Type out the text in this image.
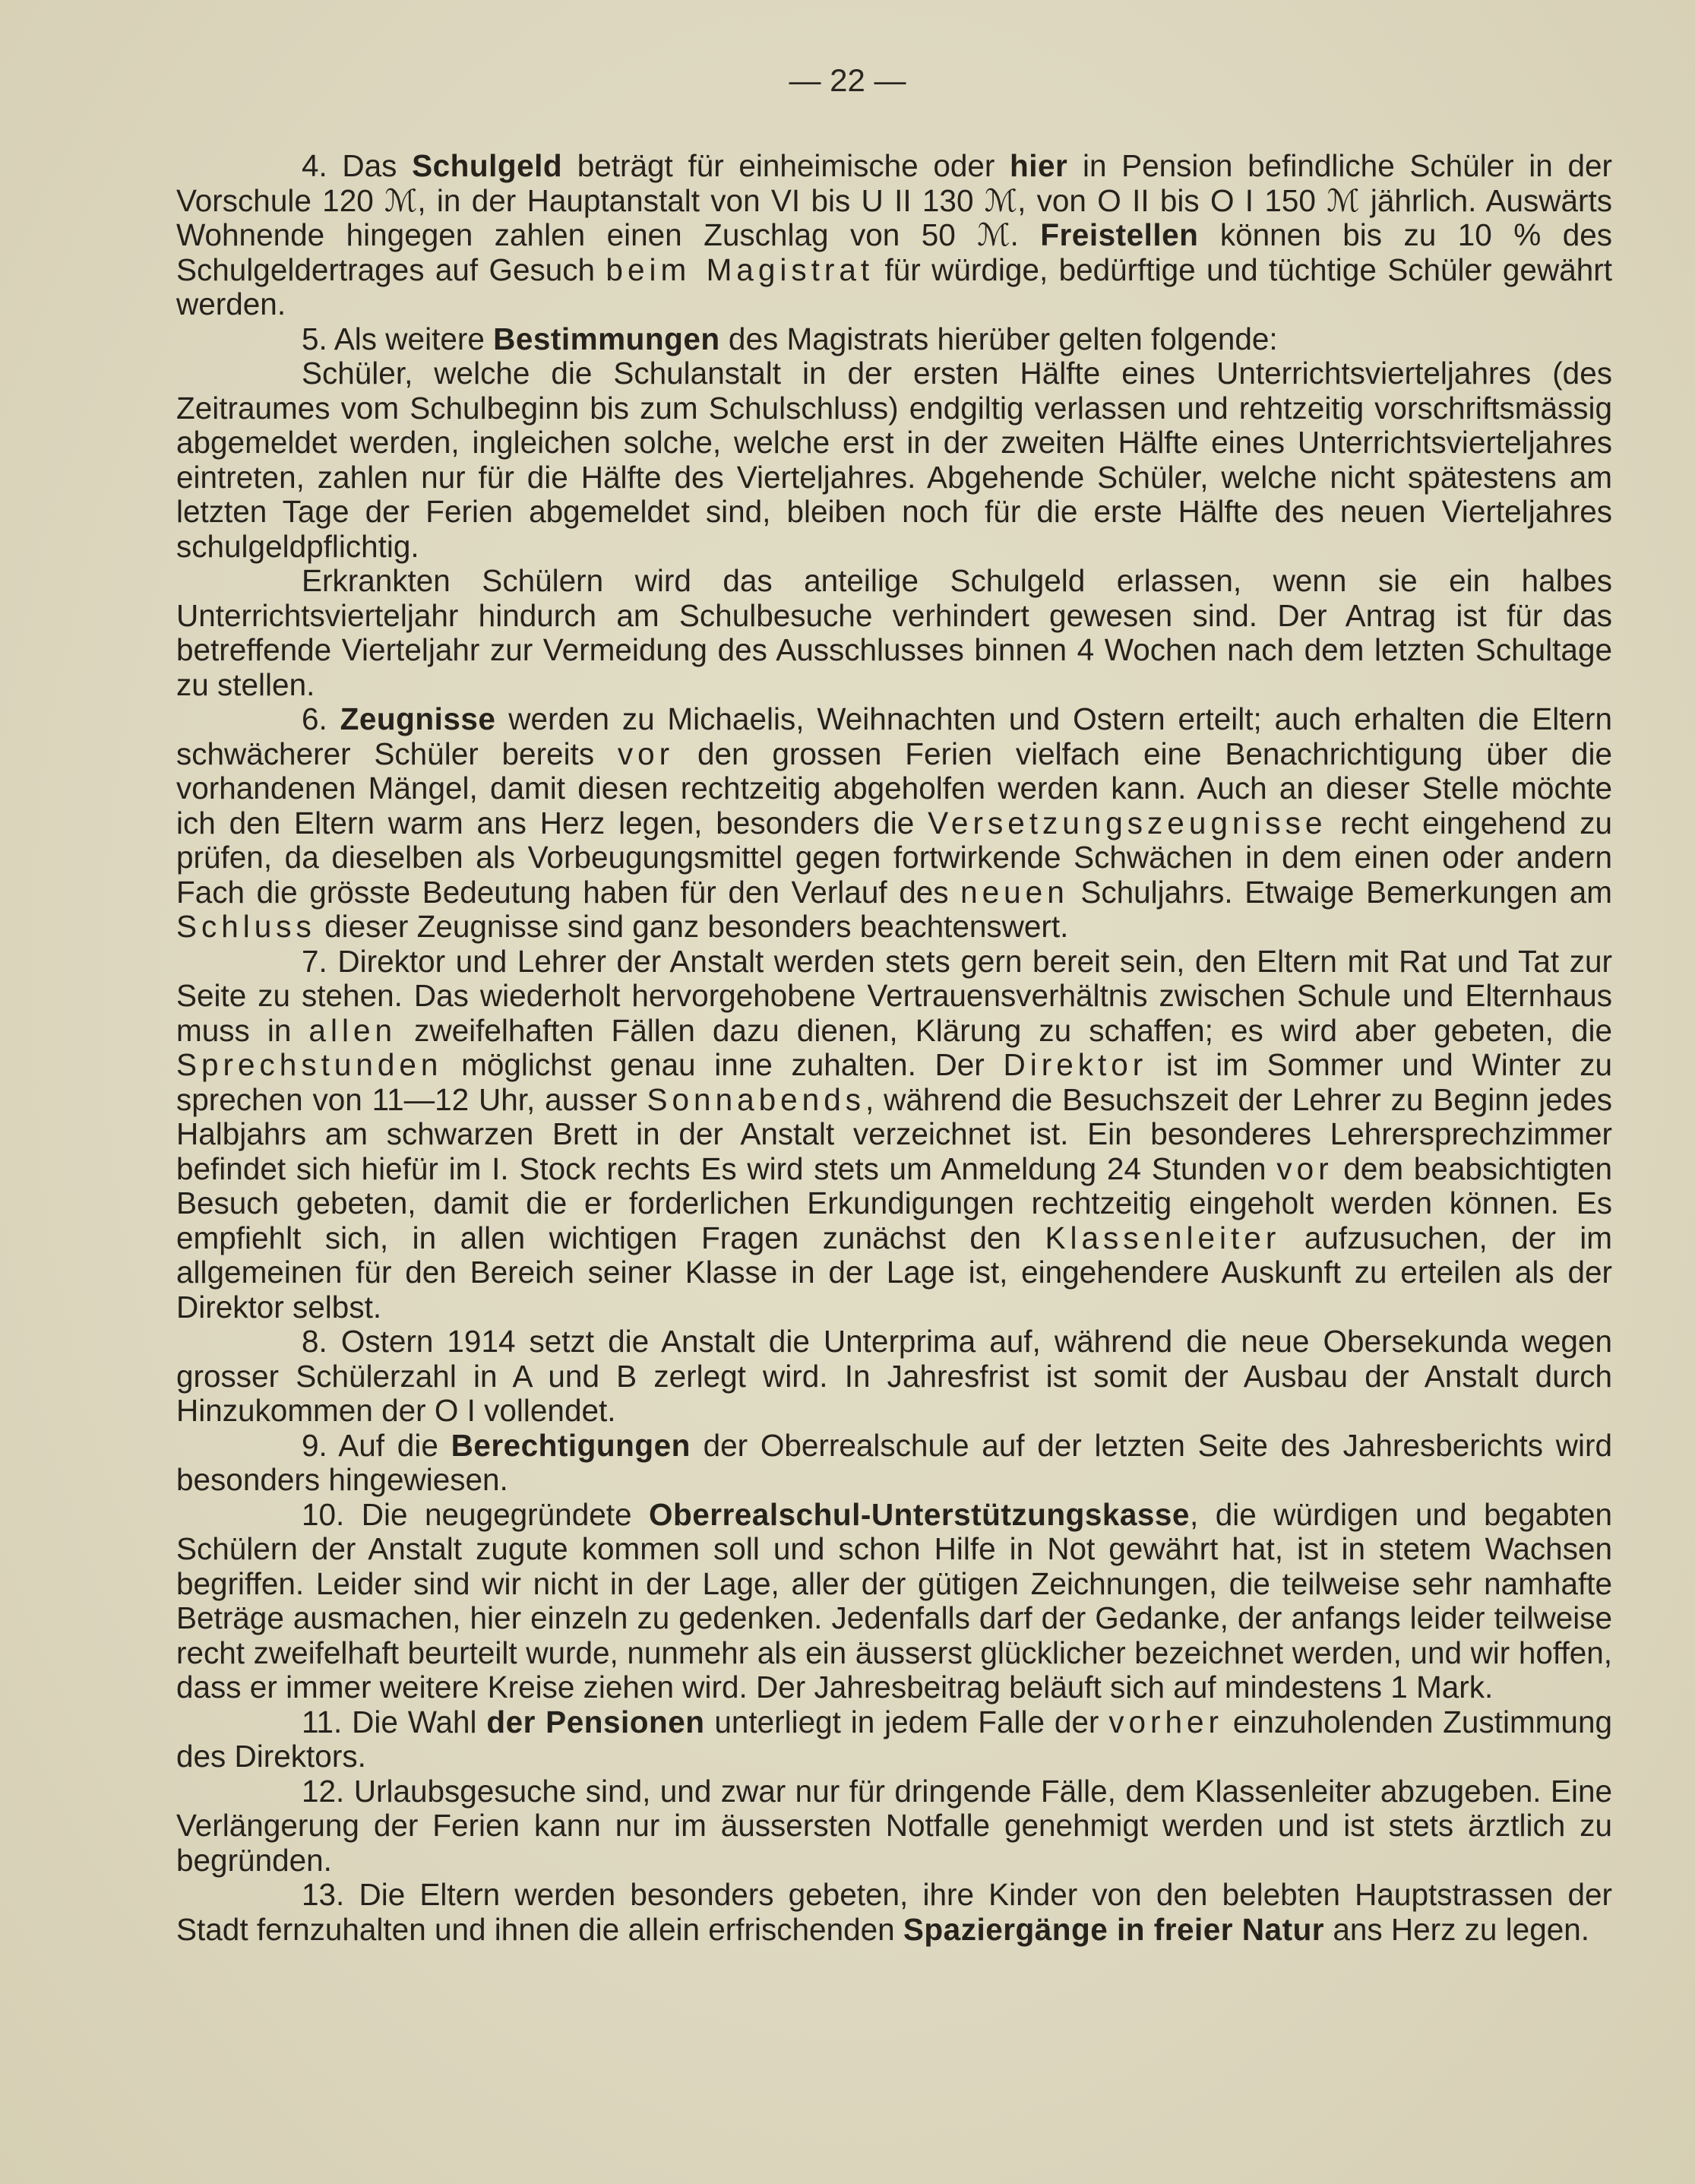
— 22 —

4. Das Schulgeld beträgt für einheimische oder hier in Pension befindliche Schüler in der Vorschule 120 ℳ, in der Hauptanstalt von VI bis U II 130 ℳ, von O II bis O I 150 ℳ jährlich. Auswärts Wohnende hingegen zahlen einen Zuschlag von 50 ℳ. Freistellen können bis zu 10 % des Schulgeldertrages auf Gesuch beim Magistrat für würdige, bedürftige und tüchtige Schüler gewährt werden.

5. Als weitere Bestimmungen des Magistrats hierüber gelten folgende:

Schüler, welche die Schulanstalt in der ersten Hälfte eines Unterrichtsvierteljahres (des Zeitraumes vom Schulbeginn bis zum Schulschluss) endgiltig verlassen und rehtzeitig vorschriftsmässig abgemeldet werden, ingleichen solche, welche erst in der zweiten Hälfte eines Unterrichtsvierteljahres eintreten, zahlen nur für die Hälfte des Vierteljahres. Abgehende Schüler, welche nicht spätestens am letzten Tage der Ferien abgemeldet sind, bleiben noch für die erste Hälfte des neuen Vierteljahres schulgeldpflichtig.

Erkrankten Schülern wird das anteilige Schulgeld erlassen, wenn sie ein halbes Unterrichtsvierteljahr hindurch am Schulbesuche verhindert gewesen sind. Der Antrag ist für das betreffende Vierteljahr zur Vermeidung des Ausschlusses binnen 4 Wochen nach dem letzten Schultage zu stellen.

6. Zeugnisse werden zu Michaelis, Weihnachten und Ostern erteilt; auch erhalten die Eltern schwächerer Schüler bereits vor den grossen Ferien vielfach eine Benachrichtigung über die vorhandenen Mängel, damit diesen rechtzeitig abgeholfen werden kann. Auch an dieser Stelle möchte ich den Eltern warm ans Herz legen, besonders die Versetzungszeugnisse recht eingehend zu prüfen, da dieselben als Vorbeugungsmittel gegen fortwirkende Schwächen in dem einen oder andern Fach die grösste Bedeutung haben für den Verlauf des neuen Schuljahrs. Etwaige Bemerkungen am Schluss dieser Zeugnisse sind ganz besonders beachtenswert.

7. Direktor und Lehrer der Anstalt werden stets gern bereit sein, den Eltern mit Rat und Tat zur Seite zu stehen. Das wiederholt hervorgehobene Vertrauensverhältnis zwischen Schule und Elternhaus muss in allen zweifelhaften Fällen dazu dienen, Klärung zu schaffen; es wird aber gebeten, die Sprechstunden möglichst genau inne zuhalten. Der Direktor ist im Sommer und Winter zu sprechen von 11—12 Uhr, ausser Sonnabends, während die Besuchszeit der Lehrer zu Beginn jedes Halbjahrs am schwarzen Brett in der Anstalt verzeichnet ist. Ein besonderes Lehrersprechzimmer befindet sich hiefür im I. Stock rechts Es wird stets um Anmeldung 24 Stunden vor dem beabsichtigten Besuch gebeten, damit die er forderlichen Erkundigungen rechtzeitig eingeholt werden können. Es empfiehlt sich, in allen wichtigen Fragen zunächst den Klassenleiter aufzusuchen, der im allgemeinen für den Bereich seiner Klasse in der Lage ist, eingehendere Auskunft zu erteilen als der Direktor selbst.

8. Ostern 1914 setzt die Anstalt die Unterprima auf, während die neue Obersekunda wegen grosser Schülerzahl in A und B zerlegt wird. In Jahresfrist ist somit der Ausbau der Anstalt durch Hinzukommen der O I vollendet.

9. Auf die Berechtigungen der Oberrealschule auf der letzten Seite des Jahresberichts wird besonders hingewiesen.

10. Die neugegründete Oberrealschul-Unterstützungskasse, die würdigen und begabten Schülern der Anstalt zugute kommen soll und schon Hilfe in Not gewährt hat, ist in stetem Wachsen begriffen. Leider sind wir nicht in der Lage, aller der gütigen Zeichnungen, die teilweise sehr namhafte Beträge ausmachen, hier einzeln zu gedenken. Jedenfalls darf der Gedanke, der anfangs leider teilweise recht zweifelhaft beurteilt wurde, nunmehr als ein äusserst glücklicher bezeichnet werden, und wir hoffen, dass er immer weitere Kreise ziehen wird. Der Jahresbeitrag beläuft sich auf mindestens 1 Mark.

11. Die Wahl der Pensionen unterliegt in jedem Falle der vorher einzuholenden Zustimmung des Direktors.

12. Urlaubsgesuche sind, und zwar nur für dringende Fälle, dem Klassenleiter abzugeben. Eine Verlängerung der Ferien kann nur im äussersten Notfalle genehmigt werden und ist stets ärztlich zu begründen.

13. Die Eltern werden besonders gebeten, ihre Kinder von den belebten Hauptstrassen der Stadt fernzuhalten und ihnen die allein erfrischenden Spaziergänge in freier Natur ans Herz zu legen.
